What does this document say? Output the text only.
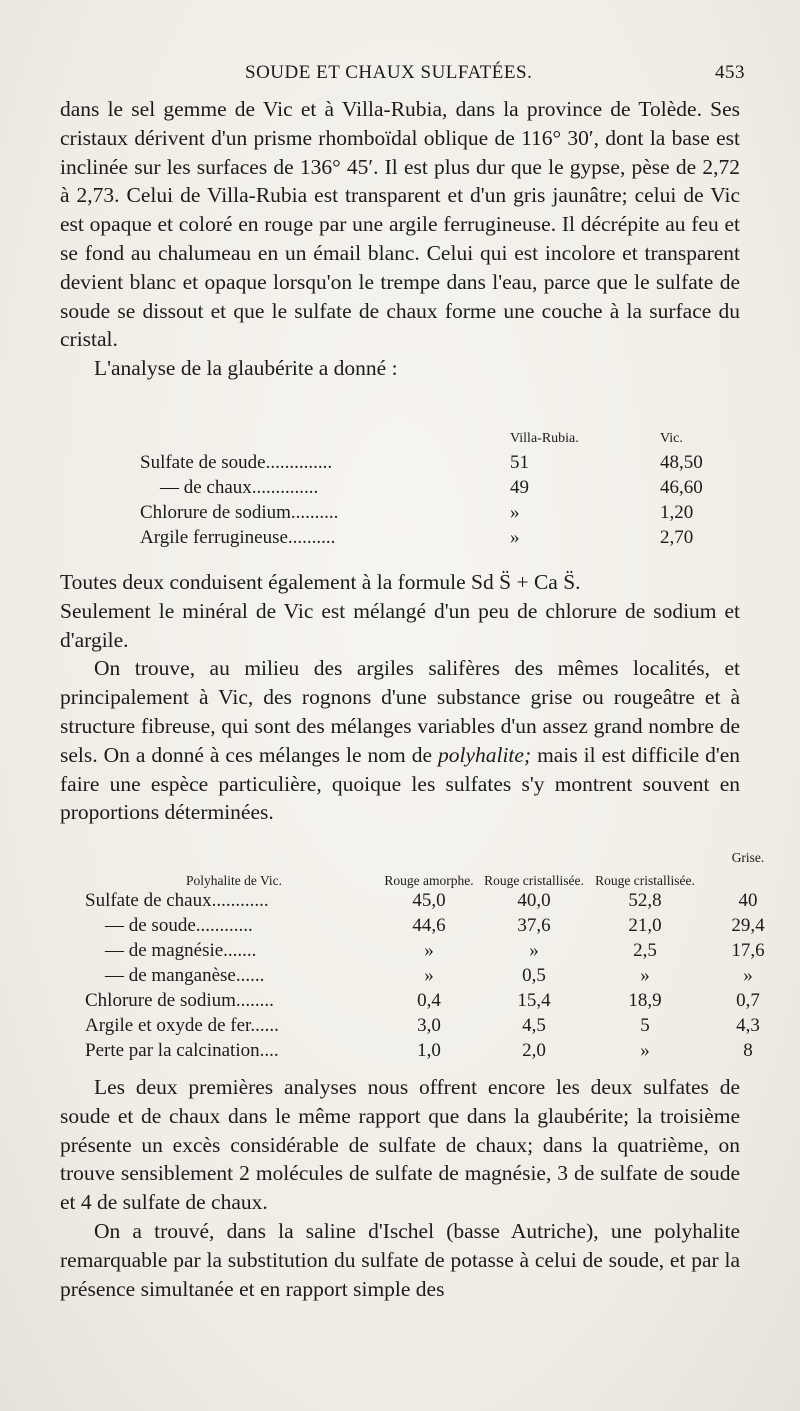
SOUDE ET CHAUX SULFATÉES.	453

dans le sel gemme de Vic et à Villa-Rubia, dans la province de Tolède. Ses cristaux dérivent d'un prisme rhomboïdal oblique de 116° 30′, dont la base est inclinée sur les surfaces de 136° 45′. Il est plus dur que le gypse, pèse de 2,72 à 2,73. Celui de Villa-Rubia est transparent et d'un gris jaunâtre; celui de Vic est opaque et coloré en rouge par une argile ferrugineuse. Il décrépite au feu et se fond au chalumeau en un émail blanc. Celui qui est incolore et transparent devient blanc et opaque lorsqu'on le trempe dans l'eau, parce que le sulfate de soude se dissout et que le sulfate de chaux forme une couche à la surface du cristal.

L'analyse de la glaubérite a donné :

	Villa-Rubia.	Vic.
Sulfate de soude..............	51	48,50
— de chaux..............	49	46,60
Chlorure de sodium..........	»	1,20
Argile ferrugineuse..........	»	2,70

Toutes deux conduisent également à la formule Sd S̈ + Ca S̈.

Seulement le minéral de Vic est mélangé d'un peu de chlorure de sodium et d'argile.

On trouve, au milieu des argiles salifères des mêmes localités, et principalement à Vic, des rognons d'une substance grise ou rougeâtre et à structure fibreuse, qui sont des mélanges variables d'un assez grand nombre de sels. On a donné à ces mélanges le nom de polyhalite; mais il est difficile d'en faire une espèce particulière, quoique les sulfates s'y montrent souvent en proportions déterminées.

Polyhalite de Vic.	Rouge amorphe.	Rouge cristallisée.	Rouge cristallisée.	Grise.
Sulfate de chaux............	45,0	40,0	52,8	40
— de soude............	44,6	37,6	21,0	29,4
— de magnésie.......	»	»	2,5	17,6
— de manganèse......	»	0,5	»	»
Chlorure de sodium........	0,4	15,4	18,9	0,7
Argile et oxyde de fer......	3,0	4,5	5	4,3
Perte par la calcination....	1,0	2,0	»	8

Les deux premières analyses nous offrent encore les deux sulfates de soude et de chaux dans le même rapport que dans la glaubérite; la troisième présente un excès considérable de sulfate de chaux; dans la quatrième, on trouve sensiblement 2 molécules de sulfate de magnésie, 3 de sulfate de soude et 4 de sulfate de chaux.

On a trouvé, dans la saline d'Ischel (basse Autriche), une polyhalite remarquable par la substitution du sulfate de potasse à celui de soude, et par la présence simultanée et en rapport simple des
